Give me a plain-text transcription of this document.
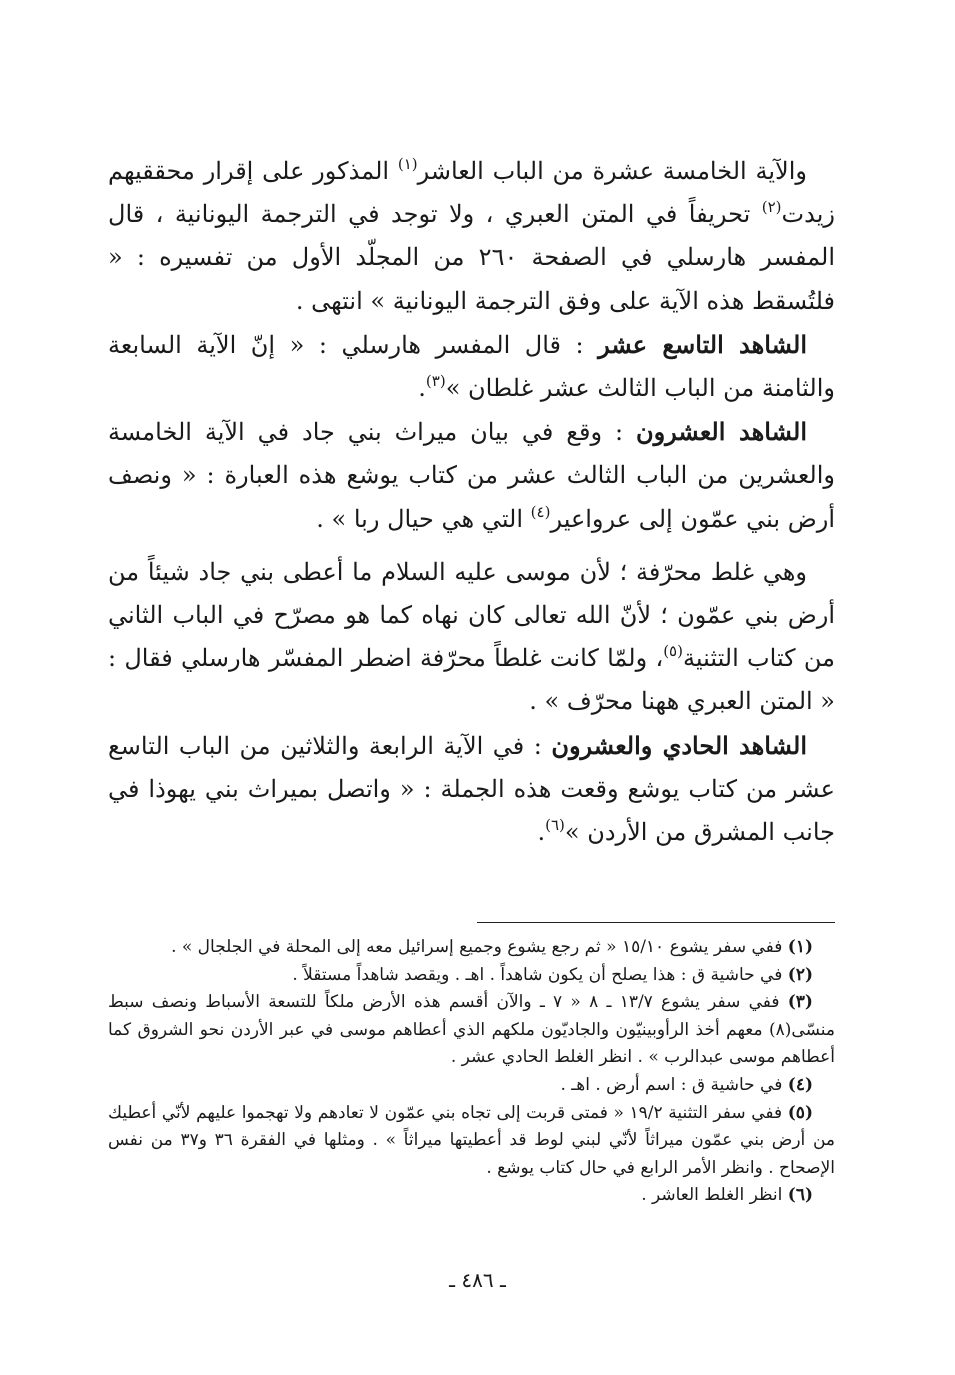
والآية الخامسة عشرة من الباب العاشر$^{(١)}$ المذكور على إقرار محققيهم زيدت$^{(٢)}$ تحريفاً في المتن العبري ، ولا توجد في الترجمة اليونانية ، قال المفسر هارسلي في الصفحة ٢٦٠ من المجلّد الأول من تفسيره : « فلتُسقط هذه الآية على وفق الترجمة اليونانية » انتهى .

الشاهد التاسع عشر : قال المفسر هارسلي : « إنّ الآية السابعة والثامنة من الباب الثالث عشر غلطان »$^{(٣)}$.

الشاهد العشرون : وقع في بيان ميراث بني جاد في الآية الخامسة والعشرين من الباب الثالث عشر من كتاب يوشع هذه العبارة : « ونصف أرض بني عمّون إلى عرواعير$^{(٤)}$ التي هي حيال ربا » .

وهي غلط محرّفة ؛ لأن موسى عليه السلام ما أعطى بني جاد شيئاً من أرض بني عمّون ؛ لأنّ الله تعالى كان نهاه كما هو مصرّح في الباب الثاني من كتاب التثنية$^{(٥)}$، ولمّا كانت غلطاً محرّفة اضطر المفسّر هارسلي فقال : « المتن العبري ههنا محرّف » .

الشاهد الحادي والعشرون : في الآية الرابعة والثلاثين من الباب التاسع عشر من كتاب يوشع وقعت هذه الجملة : « واتصل بميراث بني يهوذا في جانب المشرق من الأردن »$^{(٦)}$.

(١) ففي سفر يشوع ١٥/١٠ « ثم رجع يشوع وجميع إسرائيل معه إلى المحلة في الجلجال » .

(٢) في حاشية ق : هذا يصلح أن يكون شاهداً . اهـ . ويقصد شاهداً مستقلاً .

(٣) ففي سفر يشوع ١٣/٧ ـ ٨ « ٧ ـ والآن أقسم هذه الأرض ملكاً للتسعة الأسباط ونصف سبط منسّى(٨) معهم أخذ الرأوبينيّون والجاديّون ملكهم الذي أعطاهم موسى في عبر الأردن نحو الشروق كما أعطاهم موسى عبدالرب » . انظر الغلط الحادي عشر .

(٤) في حاشية ق : اسم أرض . اهـ .

(٥) ففي سفر التثنية ١٩/٢ « فمتى قربت إلى تجاه بني عمّون لا تعادهم ولا تهجموا عليهم لأنّي أعطيك من أرض بني عمّون ميراثاً لأنّي لبني لوط قد أعطيتها ميراثاً » . ومثلها في الفقرة ٣٦ و٣٧ من نفس الإصحاح . وانظر الأمر الرابع في حال كتاب يوشع .

(٦) انظر الغلط العاشر .

ـ ٤٨٦ ـ
